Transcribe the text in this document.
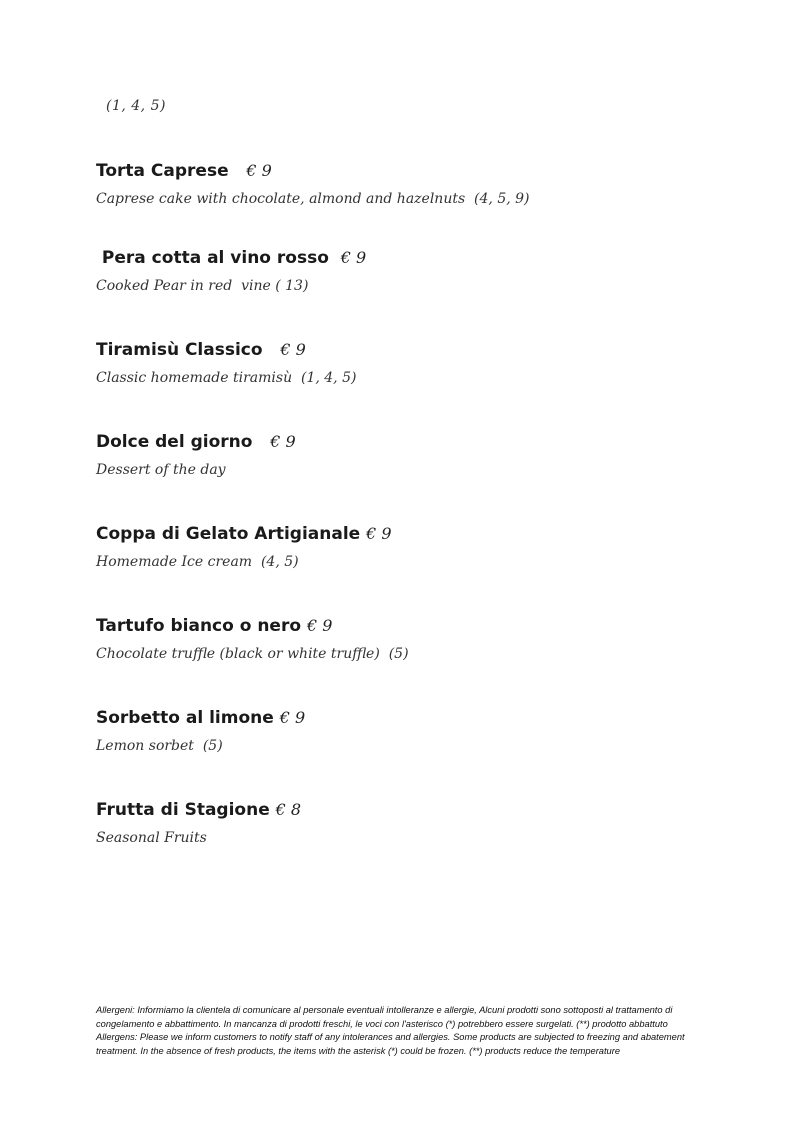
(1, 4, 5)
Torta Caprese € 9
Caprese cake with chocolate, almond and hazelnuts  (4, 5, 9)
Pera cotta al vino rosso € 9
Cooked Pear in red  vine ( 13)
Tiramisù Classico € 9
Classic homemade tiramisù  (1, 4, 5)
Dolce del giorno € 9
Dessert of the day
Coppa di Gelato Artigianale € 9
Homemade Ice cream  (4, 5)
Tartufo bianco o nero € 9
Chocolate truffle (black or white truffle)  (5)
Sorbetto al limone € 9
Lemon sorbet  (5)
Frutta di Stagione € 8
Seasonal Fruits

Allergeni: Informiamo la clientela di comunicare al personale eventuali intolleranze e allergie, Alcuni prodotti sono sottoposti al trattamento di

congelamento e abbattimento. In mancanza di prodotti freschi, le voci con l'asterisco (*) potrebbero essere surgelati. (**) prodotto abbattuto

Allergens: Please we inform customers to notify staff of any intolerances and allergies. Some products are subjected to freezing and abatement

treatment. In the absence of fresh products, the items with the asterisk (*) could be frozen. (**) products reduce the temperature
